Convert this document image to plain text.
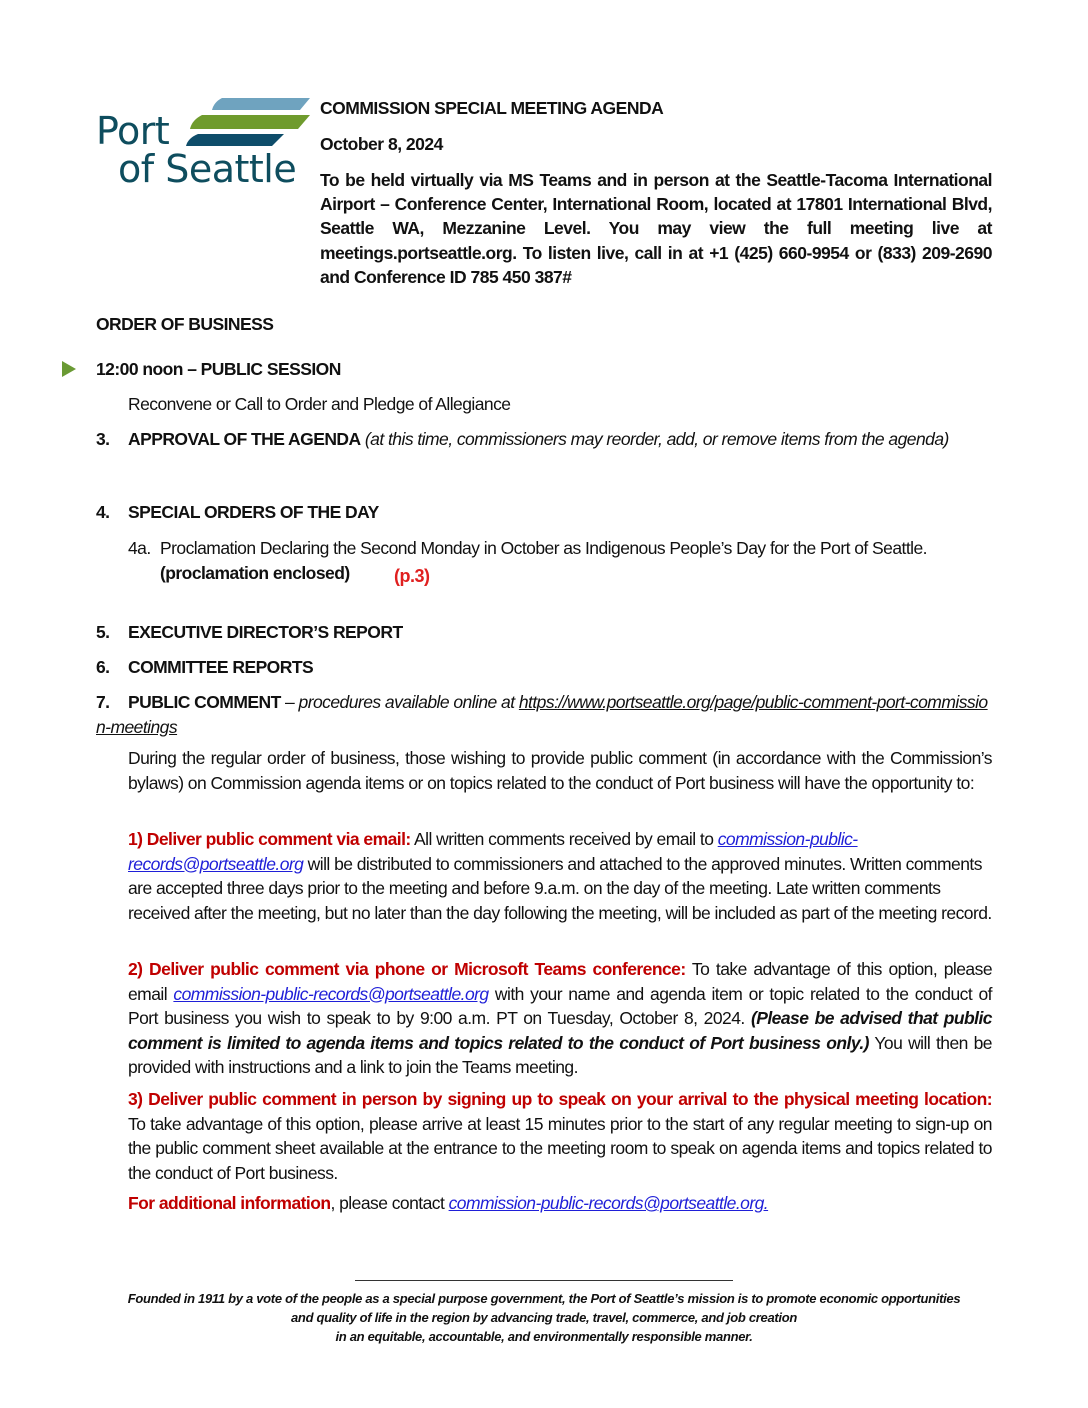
Port
of Seattle
COMMISSION SPECIAL MEETING AGENDA
October 8, 2024
To be held virtually via MS Teams and in person at the Seattle-Tacoma International Airport – Conference Center, International Room, located at 17801 International Blvd, Seattle WA, Mezzanine Level. You may view the full meeting live at meetings.portseattle.org. To listen live, call in at +1 (425) 660-9954 or (833) 209-2690 and Conference ID 785 450 387#
ORDER OF BUSINESS
12:00 noon – PUBLIC SESSION
Reconvene or Call to Order and Pledge of Allegiance
3. APPROVAL OF THE AGENDA (at this time, commissioners may reorder, add, or remove items from the agenda)
4. SPECIAL ORDERS OF THE DAY
4a. Proclamation Declaring the Second Monday in October as Indigenous People’s Day for the Port of Seattle.
(proclamation enclosed) (p.3)
5. EXECUTIVE DIRECTOR’S REPORT
6. COMMITTEE REPORTS
7. PUBLIC COMMENT – procedures available online at https://www.portseattle.org/page/public-comment-port-commission-meetings
During the regular order of business, those wishing to provide public comment (in accordance with the Commission’s bylaws) on Commission agenda items or on topics related to the conduct of Port business will have the opportunity to:
1) Deliver public comment via email: All written comments received by email to commission-public-records@portseattle.org will be distributed to commissioners and attached to the approved minutes. Written comments are accepted three days prior to the meeting and before 9.a.m. on the day of the meeting. Late written comments received after the meeting, but no later than the day following the meeting, will be included as part of the meeting record.
2) Deliver public comment via phone or Microsoft Teams conference: To take advantage of this option, please email commission-public-records@portseattle.org with your name and agenda item or topic related to the conduct of Port business you wish to speak to by 9:00 a.m. PT on Tuesday, October 8, 2024. (Please be advised that public comment is limited to agenda items and topics related to the conduct of Port business only.) You will then be provided with instructions and a link to join the Teams meeting.
3) Deliver public comment in person by signing up to speak on your arrival to the physical meeting location:  To take advantage of this option, please arrive at least 15 minutes prior to the start of any regular meeting to sign-up on the public comment sheet available at the entrance to the meeting room to speak on agenda items and topics related to the conduct of Port business.
For additional information, please contact commission-public-records@portseattle.org.
Founded in 1911 by a vote of the people as a special purpose government, the Port of Seattle’s mission is to promote economic opportunities
and quality of life in the region by advancing trade, travel, commerce, and job creation
in an equitable, accountable, and environmentally responsible manner.
